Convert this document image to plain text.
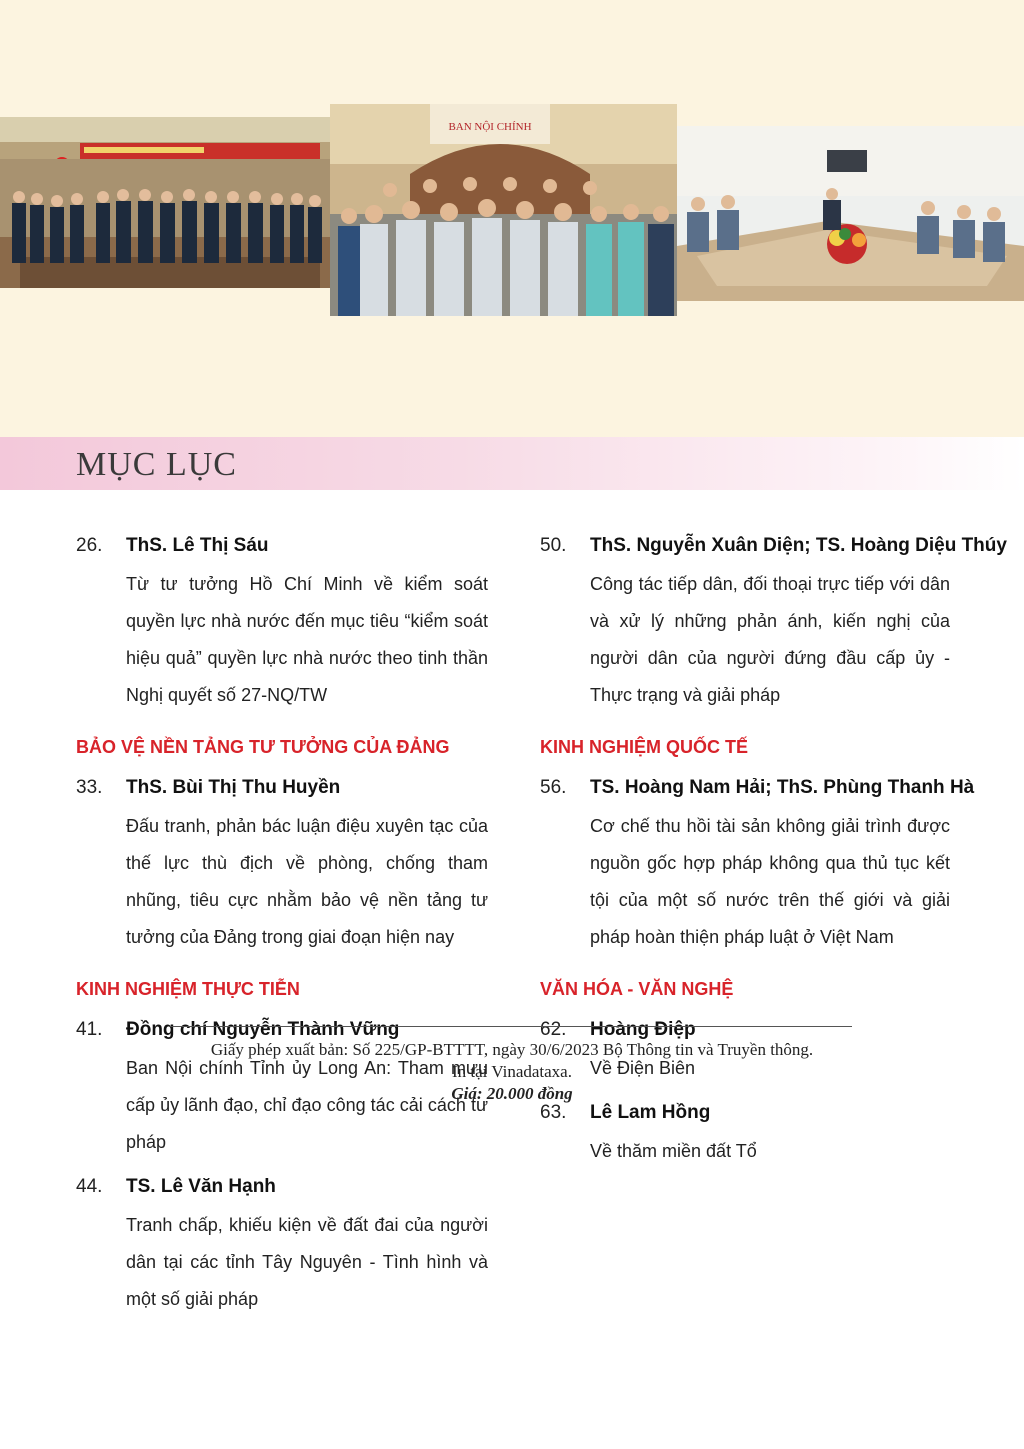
BAN NỘI CHÍNH
MỤC LỤC
26. ThS. Lê Thị Sáu
Từ tư tưởng Hồ Chí Minh về kiểm soát quyền lực nhà nước đến mục tiêu “kiểm soát hiệu quả” quyền lực nhà nước theo tinh thần Nghị quyết số 27-NQ/TW
BẢO VỆ NỀN TẢNG TƯ TƯỞNG CỦA ĐẢNG
33. ThS. Bùi Thị Thu Huyền
Đấu tranh, phản bác luận điệu xuyên tạc của thế lực thù địch về phòng, chống tham nhũng, tiêu cực nhằm bảo vệ nền tảng tư tưởng của Đảng trong giai đoạn hiện nay
KINH NGHIỆM THỰC TIỄN
41. Đồng chí Nguyễn Thành Vững
Ban Nội chính Tỉnh ủy Long An: Tham mưu cấp ủy lãnh đạo, chỉ đạo công tác cải cách tư pháp
44. TS. Lê Văn Hạnh
Tranh chấp, khiếu kiện về đất đai của người dân tại các tỉnh Tây Nguyên - Tình hình và một số giải pháp
50. ThS. Nguyễn Xuân Diện; TS. Hoàng Diệu Thúy
Công tác tiếp dân, đối thoại trực tiếp với dân và xử lý những phản ánh, kiến nghị của người dân của người đứng đầu cấp ủy - Thực trạng và giải pháp
KINH NGHIỆM QUỐC TẾ
56. TS. Hoàng Nam Hải; ThS. Phùng Thanh Hà
Cơ chế thu hồi tài sản không giải trình được nguồn gốc hợp pháp không qua thủ tục kết tội của một số nước trên thế giới và giải pháp hoàn thiện pháp luật ở Việt Nam
VĂN HÓA - VĂN NGHỆ
62. Hoàng Điệp
Về Điện Biên
63. Lê Lam Hồng
Về thăm miền đất Tổ
Giấy phép xuất bản: Số 225/GP-BTTTT, ngày 30/6/2023 Bộ Thông tin và Truyền thông.
In tại Vinadataxa.
Giá: 20.000 đồng
